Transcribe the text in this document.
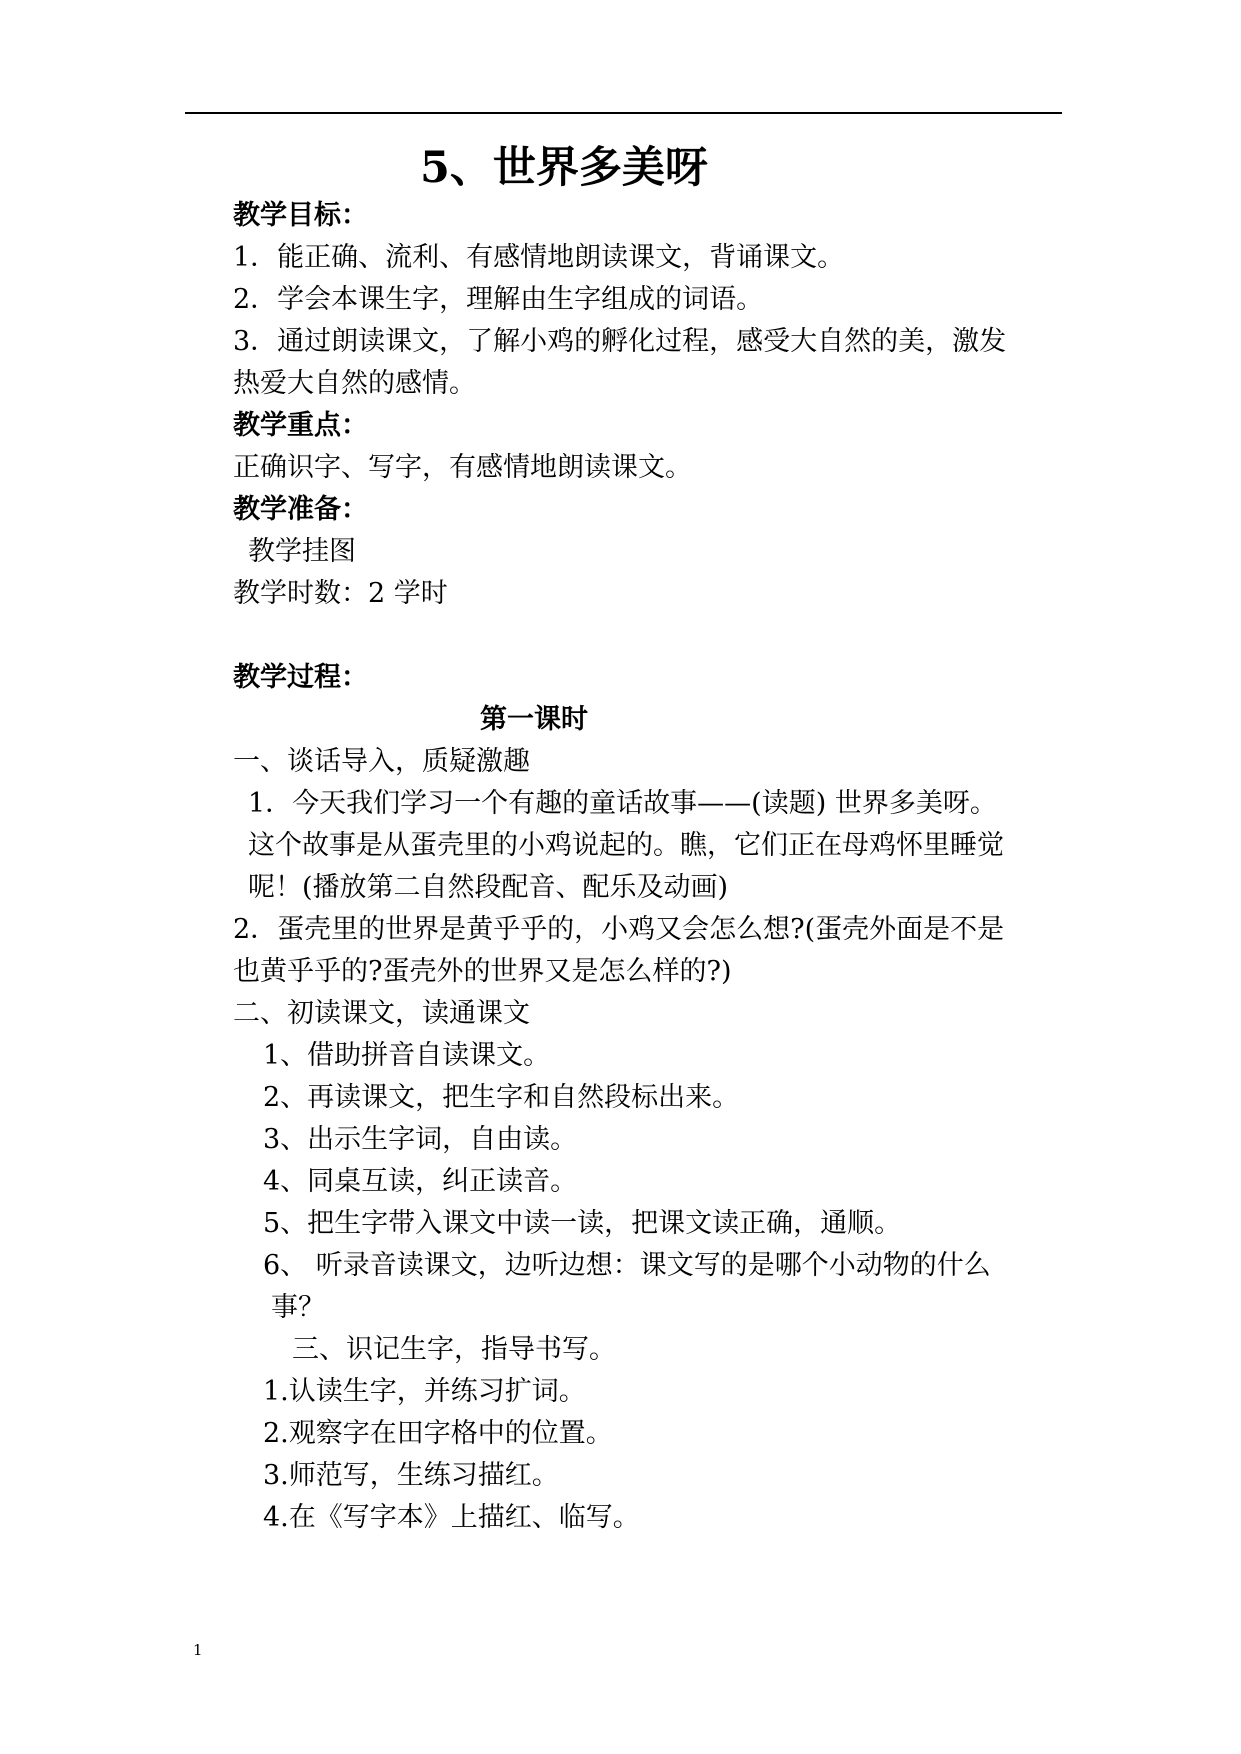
5、世界多美呀
教学目标：
1．能正确、流利、有感情地朗读课文，背诵课文。
2．学会本课生字，理解由生字组成的词语。
3．通过朗读课文，了解小鸡的孵化过程，感受大自然的美，激发
热爱大自然的感情。
教学重点：
正确识字、写字，有感情地朗读课文。
教学准备：
教学挂图
教学时数：2 学时
教学过程：
第一课时
一、谈话导入，质疑激趣
1．今天我们学习一个有趣的童话故事——(读题) 世界多美呀。
这个故事是从蛋壳里的小鸡说起的。瞧，它们正在母鸡怀里睡觉
呢！(播放第二自然段配音、配乐及动画)
2．蛋壳里的世界是黄乎乎的，小鸡又会怎么想?(蛋壳外面是不是
也黄乎乎的?蛋壳外的世界又是怎么样的?)
二、初读课文，读通课文
1、借助拼音自读课文。
2、再读课文，把生字和自然段标出来。
3、出示生字词，自由读。
4、同桌互读，纠正读音。
5、把生字带入课文中读一读，把课文读正确，通顺。
6、 听录音读课文，边听边想：课文写的是哪个小动物的什么
事？
三、识记生字，指导书写。
1.认读生字，并练习扩词。
2.观察字在田字格中的位置。
3.师范写，生练习描红。
4.在《写字本》上描红、临写。
1
